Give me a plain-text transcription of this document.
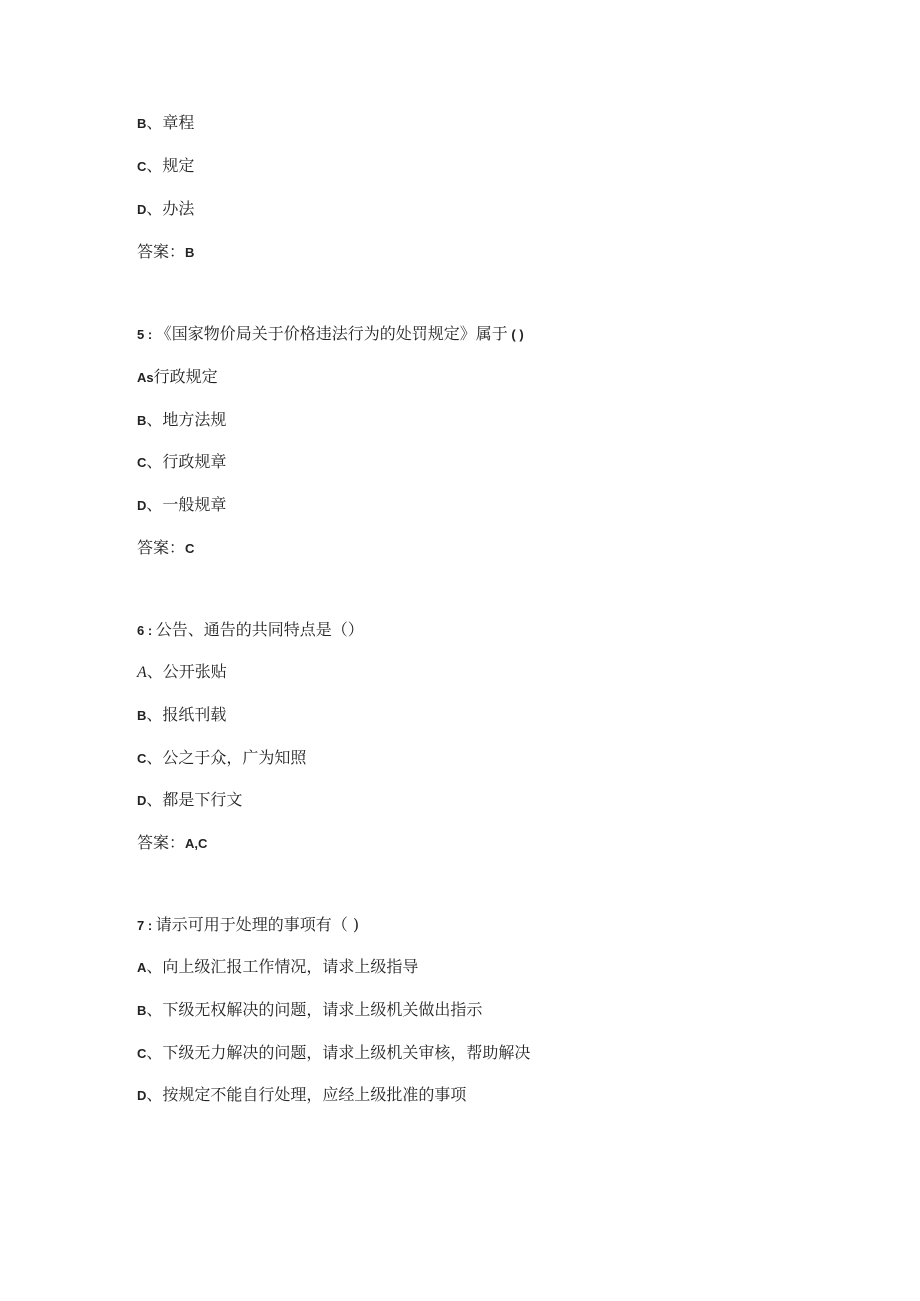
B、章程
C、规定
D、办法
答案：B
5 : 《国家物价局关于价格违法行为的处罚规定》属于 ( )
As行政规定
B、地方法规
C、行政规章
D、一般规章
答案：C
6 : 公告、通告的共同特点是（）
A、公开张贴
B、报纸刊载
C、公之于众，广为知照
D、都是下行文
答案：A,C
7 : 请示可用于处理的事项有（ )
A、向上级汇报工作情况，请求上级指导
B、下级无权解决的问题，请求上级机关做出指示
C、下级无力解决的问题，请求上级机关审核，帮助解决
D、按规定不能自行处理，应经上级批准的事项
